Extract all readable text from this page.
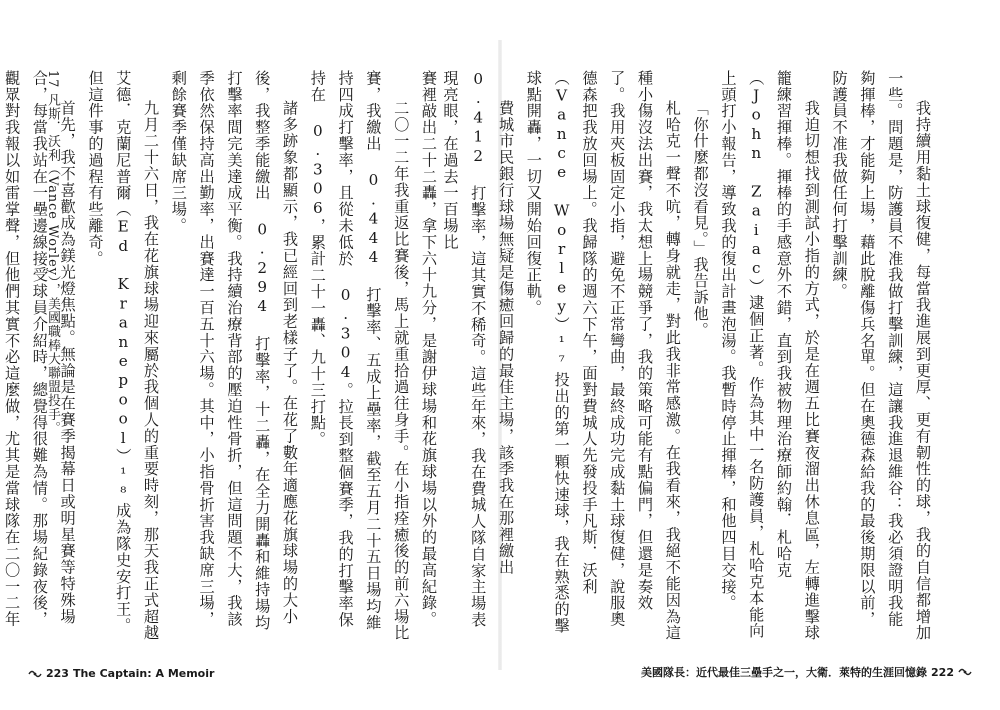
賽裡敲出二十二轟，拿下六十九分，是謝伊球場和花旗球場以外的最高紀錄。

二〇一二年我重返比賽後，馬上就重拾過往身手。在小指痊癒後的前六場比賽，我繳出 0.444 打擊率、五成上壘率，截至五月二十五日場均維持四成打擊率，且從未低於 0.304。拉長到整個賽季，我的打擊率保持在 0.306，累計二十一轟、九十三打點。

諸多跡象都顯示，我已經回到老樣子了。在花了數年適應花旗球場的大小後，我整季能繳出 0.294 打擊率，十二轟，在全力開轟和維持場均打擊率間完美達成平衡。我持續治療背部的壓迫性骨折，但這問題不大，我該季依然保持高出勤率，出賽達一百五十六場。其中，小指骨折害我缺席三場，剩餘賽季僅缺席三場。

九月二十六日，我在花旗球場迎來屬於我個人的重要時刻，那天我正式超越艾德．克蘭尼普爾（Ed Kranepool）¹⁸成為隊史安打王。但這件事的過程有些離奇。

首先，我不喜歡成為鎂光燈焦點。無論是在賽季揭幕日或明星賽等特殊場合，每當我站在一壘邊線接受球員介紹時，總覺得很難為情。那場紀錄夜後，觀眾對我報以如雷掌聲，但他們其實不必這麼做，尤其是當球隊在二〇一二年

17 凡斯．沃利（Vance Worley），美國職棒大聯盟投手。
223 The Captain: A Memoir

我持續用黏土球復健，每當我進展到更厚、更有韌性的球，我的自信都增加一些。問題是，防護員不准我做打擊訓練，這讓我進退維谷：我必須證明我能夠揮棒，才能夠上場，藉此脫離傷兵名單。但在奧德森給我的最後期限以前，防護員不准我做任何打擊訓練。

我迫切想找到測試小指的方式，於是在週五比賽夜溜出休息區，左轉進擊球籠練習揮棒。揮棒的手感意外不錯，直到我被物理治療師約翰．札哈克（John Zaiac）逮個正著。作為其中一名防護員，札哈克本能向上頭打小報告，導致我的復出計畫泡湯。我暫時停止揮棒，和他四目交接。

「你什麼都沒看見。」我告訴他。

札哈克一聲不吭，轉身就走，對此我非常感激。在我看來，我絕不能因為這種小傷沒法出賽，我太想上場競爭了，我的策略可能有點偏門，但還是奏效了。我用夾板固定小指，避免不正常彎曲，最終成功完成黏土球復健，說服奧德森把我放回場上。我歸隊的週六下午，面對費城人先發投手凡斯．沃利（Vance Worley）¹⁷投出的第一顆快速球，我在熟悉的擊球點開轟，一切又開始回復正軌。

費城市民銀行球場無疑是傷癒回歸的最佳主場，該季我在那裡繳出 0.412 打擊率，這其實不稀奇。這些年來，我在費城人隊自家主場表現亮眼，在過去一百場比

美國隊長：近代最佳三壘手之一，大衛．萊特的生涯回憶錄 222
